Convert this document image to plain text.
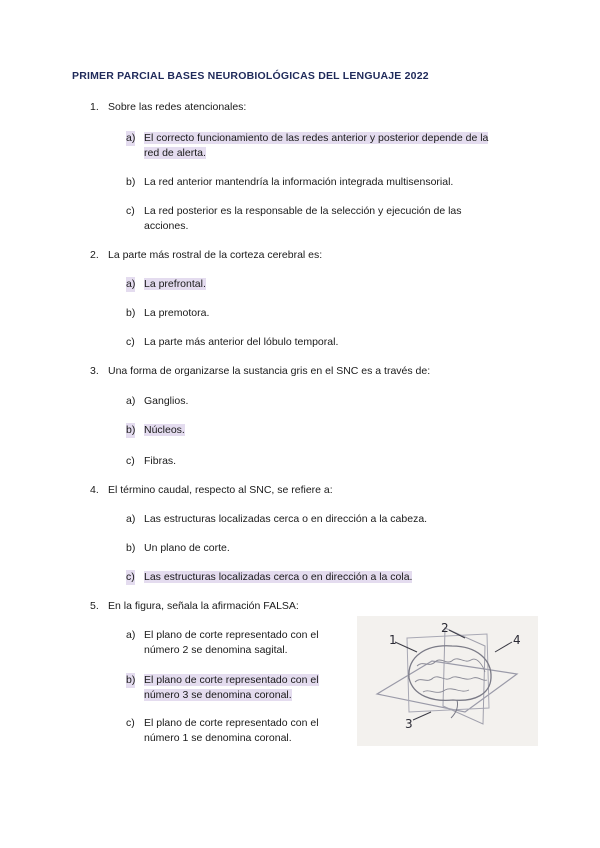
PRIMER PARCIAL BASES NEUROBIOLÓGICAS DEL LENGUAJE 2022
1. Sobre las redes atencionales:
a) El correcto funcionamiento de las redes anterior y posterior depende de la
red de alerta.
b) La red anterior mantendría la información integrada multisensorial.
c) La red posterior es la responsable de la selección y ejecución de las
acciones.
2. La parte más rostral de la corteza cerebral es:
a) La prefrontal.
b) La premotora.
c) La parte más anterior del lóbulo temporal.
3. Una forma de organizarse la sustancia gris en el SNC es a través de:
a) Ganglios.
b) Núcleos.
c) Fibras.
4. El término caudal, respecto al SNC, se refiere a:
a) Las estructuras localizadas cerca o en dirección a la cabeza.
b) Un plano de corte.
c) Las estructuras localizadas cerca o en dirección a la cola.
5. En la figura, señala la afirmación FALSA:
a) El plano de corte representado con el
número 2 se denomina sagital.
b) El plano de corte representado con el
número 3 se denomina coronal.
c) El plano de corte representado con el
número 1 se denomina coronal.
1
2
3
4
